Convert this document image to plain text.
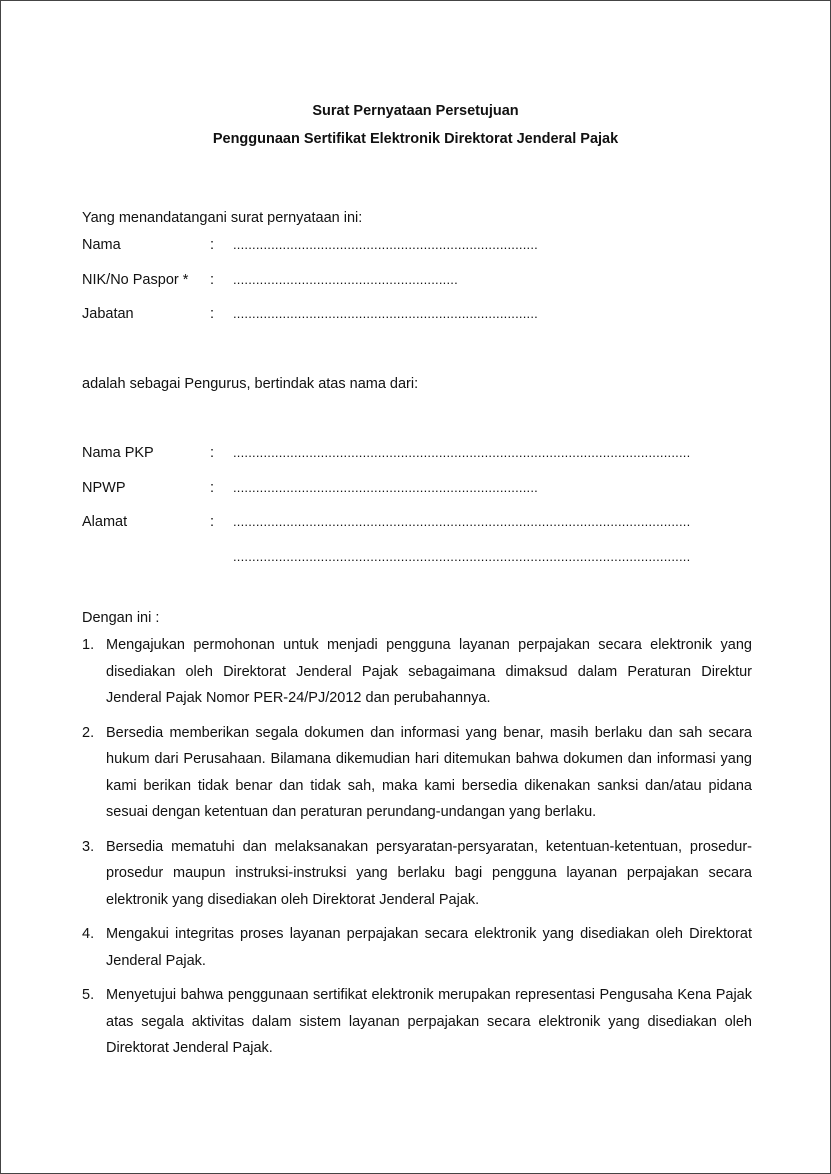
Surat Pernyataan Persetujuan
Penggunaan Sertifikat Elektronik Direktorat Jenderal Pajak
Yang menandatangani surat pernyataan ini:
Nama	: ................................................................................
NIK/No Paspor * : ...........................................................
Jabatan	: ................................................................................
adalah sebagai Pengurus, bertindak atas nama dari:
Nama PKP	: ........................................................................................................................
NPWP	: ................................................................................
Alamat	: ........................................................................................................................
........................................................................................................................
Dengan ini :
1. Mengajukan permohonan untuk menjadi pengguna layanan perpajakan secara elektronik yang disediakan oleh Direktorat Jenderal Pajak sebagaimana dimaksud dalam Peraturan Direktur Jenderal Pajak Nomor PER-24/PJ/2012 dan perubahannya.
2. Bersedia memberikan segala dokumen dan informasi yang benar, masih berlaku dan sah secara hukum dari Perusahaan. Bilamana dikemudian hari ditemukan bahwa dokumen dan informasi yang kami berikan tidak benar dan tidak sah, maka kami bersedia dikenakan sanksi dan/atau pidana sesuai dengan ketentuan dan peraturan perundang-undangan yang berlaku.
3. Bersedia mematuhi dan melaksanakan persyaratan-persyaratan, ketentuan-ketentuan, prosedur-prosedur maupun instruksi-instruksi yang berlaku bagi pengguna layanan perpajakan secara elektronik yang disediakan oleh Direktorat Jenderal Pajak.
4. Mengakui integritas proses layanan perpajakan secara elektronik yang disediakan oleh Direktorat Jenderal Pajak.
5. Menyetujui bahwa penggunaan sertifikat elektronik merupakan representasi Pengusaha Kena Pajak atas segala aktivitas dalam sistem layanan perpajakan secara elektronik yang disediakan oleh Direktorat Jenderal Pajak.
